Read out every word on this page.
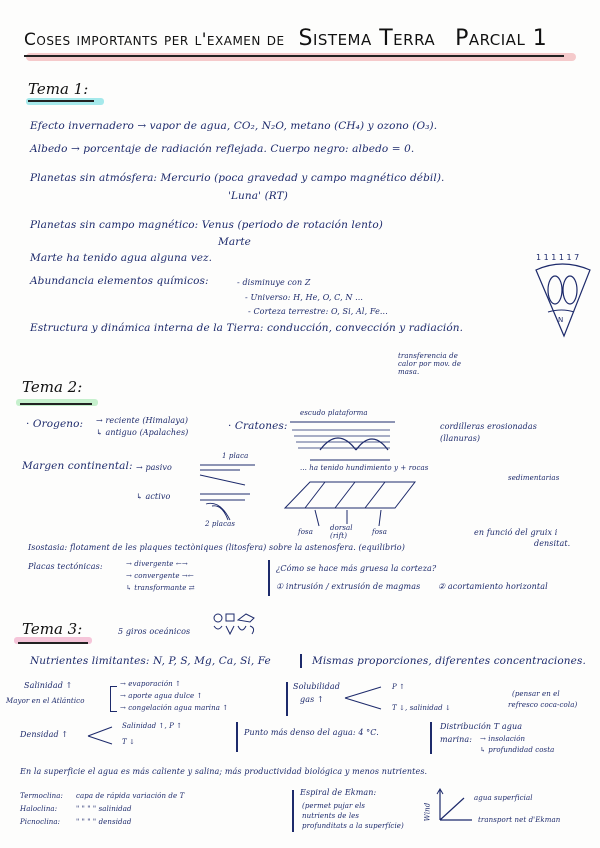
Coses importants per l'examen de Sistema Terra Parcial 1
Tema 1:
Efecto invernadero → vapor de agua, CO₂, N₂O, metano (CH₄) y ozono (O₃).
Albedo → porcentaje de radiación reflejada. Cuerpo negro: albedo = 0.
Planetas sin atmósfera: Mercurio (poca gravedad y campo magnético débil).
'Luna' (RT)
Planetas sin campo magnético: Venus (periodo de rotación lento)
Marte
Marte ha tenido agua alguna vez.
Abundancia elementos químicos:	- disminuye con Z
- Universo: H, He, O, C, N ...
- Corteza terrestre: O, Si, Al, Fe...
Estructura y dinámica interna de la Tierra: conducción, convección y radiación.
transferencia de calor por mov. de masa.
N
1 1 1 1 1 7
Tema 2:
· Orogeno: → reciente (Himalaya)
↳ antiguo (Apalaches)
· Cratones:
escudo plataforma
cordilleras erosionadas
(llanuras)
Margen continental: → pasivo
↳ activo
1 placa
2 placas
... ha tenido hundimiento y + rocas
sedimentarias
fosa dorsal (rift)	fosa	en funció del gruix i
densitat.
Isostasia: flotament de les plaques tectòniques (litosfera) sobre la astenosfera. (equilibrio)
Placas tectónicas:	→ divergente ←→
→ convergente →←
↳ transformante ⇄
¿Cómo se hace más gruesa la corteza?
① intrusión / extrusión de magmas ② acortamiento horizontal
Tema 3:	5 giros oceánicos
Nutrientes limitantes: N, P, S, Mg, Ca, Si, Fe	Mismas proporciones, diferentes concentraciones.
Salinidad ↑
Mayor en el Atlántico
→ evaporación ↑
→ aporte agua dulce ↑
→ congelación agua marina ↑
Solubilidad
gas ↑
P ↑
T ↓, salinidad ↓
(pensar en el
refresco coca-cola)
Densidad ↑
Salinidad ↑, P ↑
T ↓
Punto más denso del agua: 4 °C.
Distribución T agua
marina: → insolación
↳ profundidad costa
En la superficie el agua es más caliente y salina; más productividad biológica y menos nutrientes.
Termoclina: capa de rápida variación de T
Haloclina:	" " " " salinidad
Picnoclina: " " " " densidad
Espiral de Ekman:
(permet pujar els
nutrients de les
profunditats a la superfície)
Wind
agua superficial
transport net d'Ekman
